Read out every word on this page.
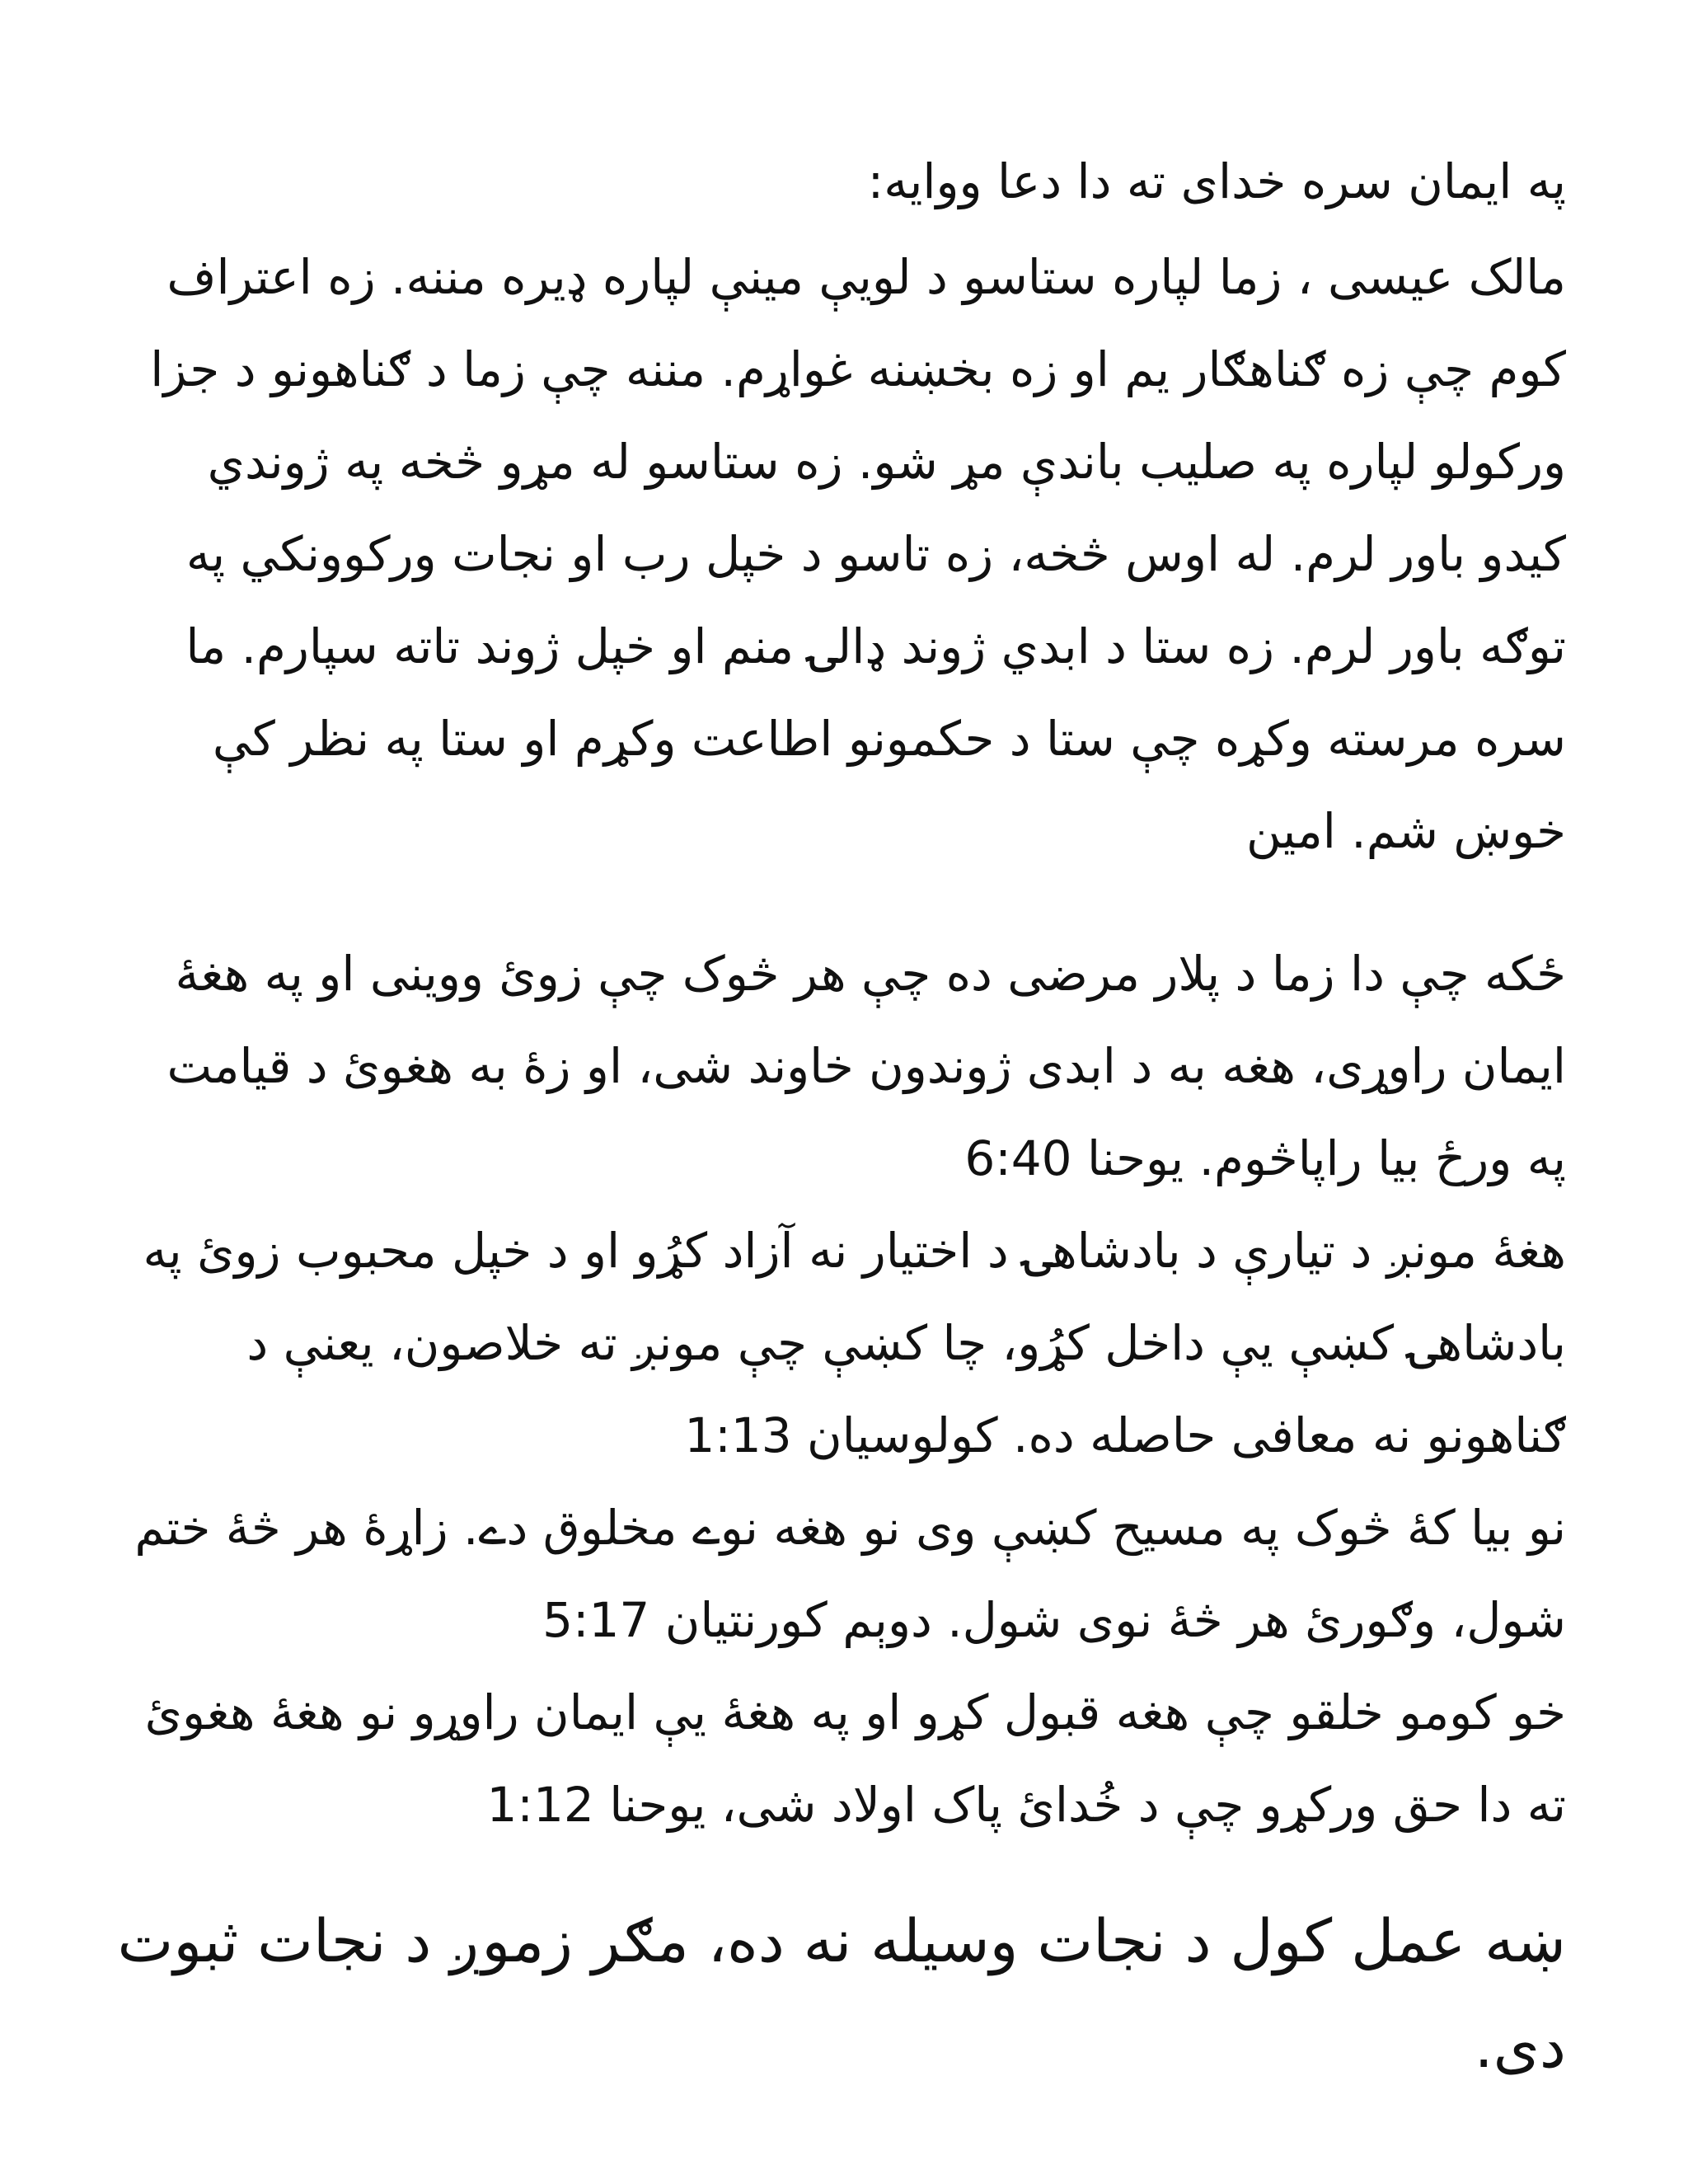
په ایمان سره خدای ته دا دعا ووایه:

مالک عیسی ، زما لپاره ستاسو د لويې مینې لپاره ډیره مننه. زه اعتراف کوم چې زه ګناهګار یم او زه بخښنه غواړم. مننه چې زما د ګناهونو د جزا ورکولو لپاره په صلیب باندې مړ شو. زه ستاسو له مړو څخه په ژوندي کیدو باور لرم. له اوس څخه، زه تاسو د خپل رب او نجات ورکوونکي په توګه باور لرم. زه ستا د ابدي ژوند ډالۍ منم او خپل ژوند تاته سپارم. ما سره مرسته وکړه چې ستا د حکمونو اطاعت وکړم او ستا په نظر کې خوښ شم. امین

ځکه چې دا زما د پلار مرضی ده چې هر څوک چې زوئ ووینی او په هغۀ ایمان راوړی، هغه به د ابدی ژوندون خاوند شی، او زۀ به هغوئ د قیامت په ورځ بیا راپاڅوم. یوحنا 6:40

هغۀ مونږ د تيارې د بادشاهۍ د اختيار نه آزاد کړُو او د خپل محبوب زوئ په بادشاهۍ کښې يې داخل کړُو، چا کښې چې مونږ ته خلاصون، يعنې د ګناهونو نه معافی حاصله ده. کولوسيان 1:13

نو بيا کۀ څوک په مسيح کښې وی نو هغه نوے مخلوق دے. زاړۀ هر څۀ ختم شول، وګورئ هر څۀ نوی شول. دوېم کورنتيان 5:17

خو کومو خلقو چې هغه قبول کړو او په هغۀ يې ايمان راوړو نو هغۀ هغوئ ته دا حق ورکړو چې د خُدائ پاک اولاد شی، یوحنا 1:12

ښه عمل کول د نجات وسیله نه ده، مګر زموږ د نجات ثبوت دی.
